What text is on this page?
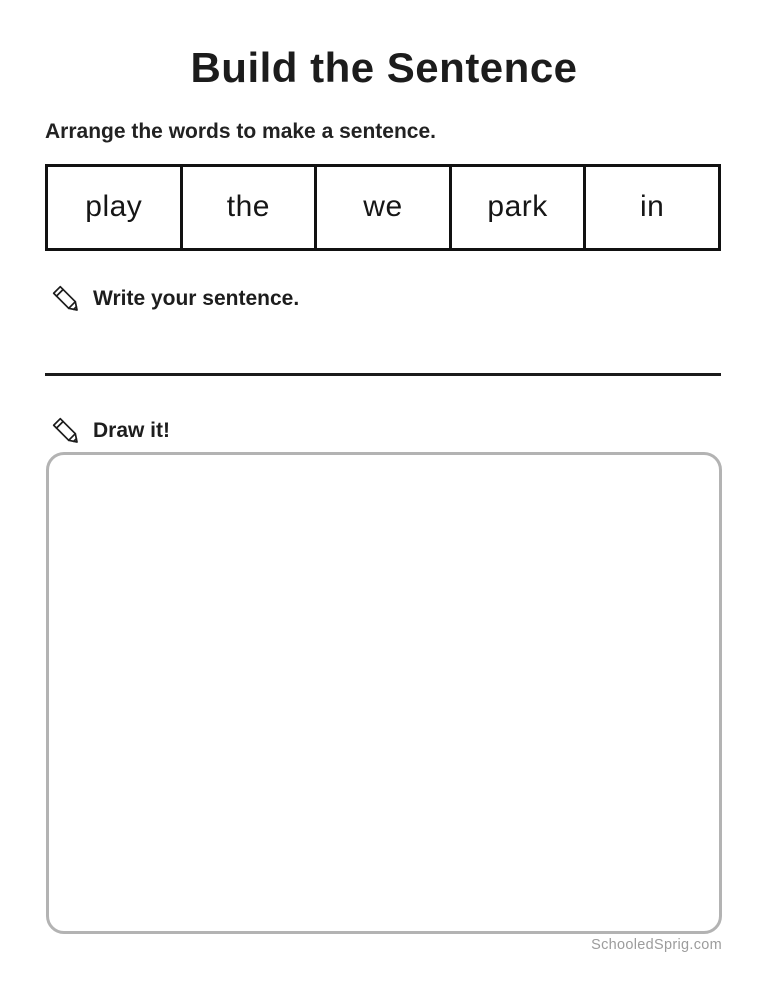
Build the Sentence
Arrange the words to make a sentence.
play	the	we	park	in
Write your sentence.
Draw it!
SchooledSprig.com
